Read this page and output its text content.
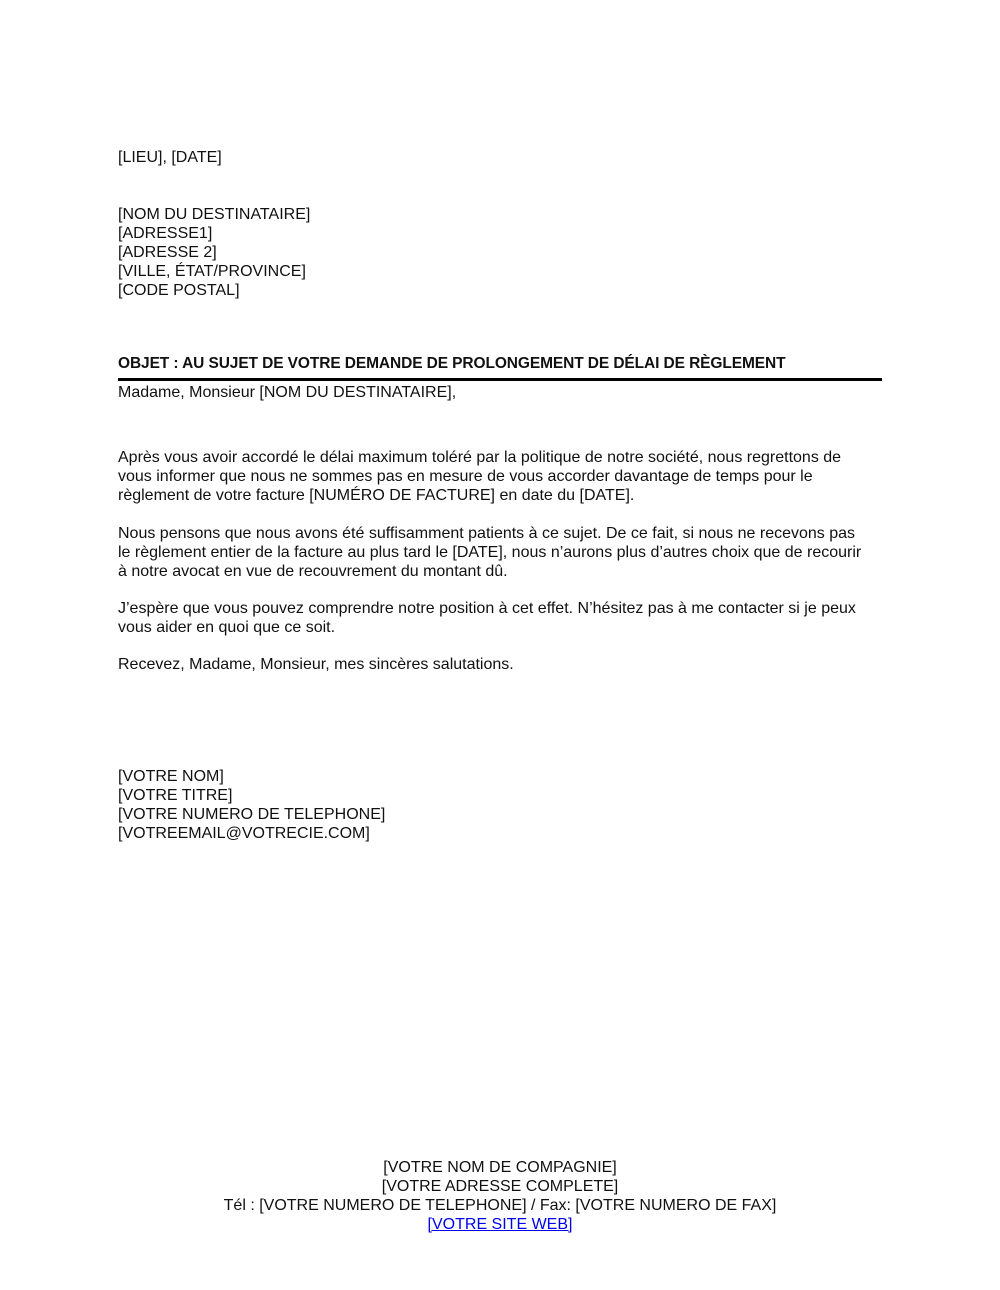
[LIEU], [DATE]
[NOM DU DESTINATAIRE]
[ADRESSE1]
[ADRESSE 2]
[VILLE, ÉTAT/PROVINCE]
[CODE POSTAL]
OBJET : AU SUJET DE VOTRE DEMANDE DE PROLONGEMENT DE DÉLAI DE RÈGLEMENT
Madame, Monsieur [NOM DU DESTINATAIRE],
Après vous avoir accordé le délai maximum toléré par la politique de notre société, nous regrettons de
vous informer que nous ne sommes pas en mesure de vous accorder davantage de temps pour le
règlement de votre facture [NUMÉRO DE FACTURE] en date du [DATE].
Nous pensons que nous avons été suffisamment patients à ce sujet. De ce fait, si nous ne recevons pas
le règlement entier de la facture au plus tard le [DATE], nous n’aurons plus d’autres choix que de recourir
à notre avocat en vue de recouvrement du montant dû.
J’espère que vous pouvez comprendre notre position à cet effet. N’hésitez pas à me contacter si je peux
vous aider en quoi que ce soit.
Recevez, Madame, Monsieur, mes sincères salutations.
[VOTRE NOM]
[VOTRE TITRE]
[VOTRE NUMERO DE TELEPHONE]
[VOTREEMAIL@VOTRECIE.COM]
[VOTRE NOM DE COMPAGNIE]
[VOTRE ADRESSE COMPLETE]
Tél : [VOTRE NUMERO DE TELEPHONE] / Fax: [VOTRE NUMERO DE FAX]
[VOTRE SITE WEB]
